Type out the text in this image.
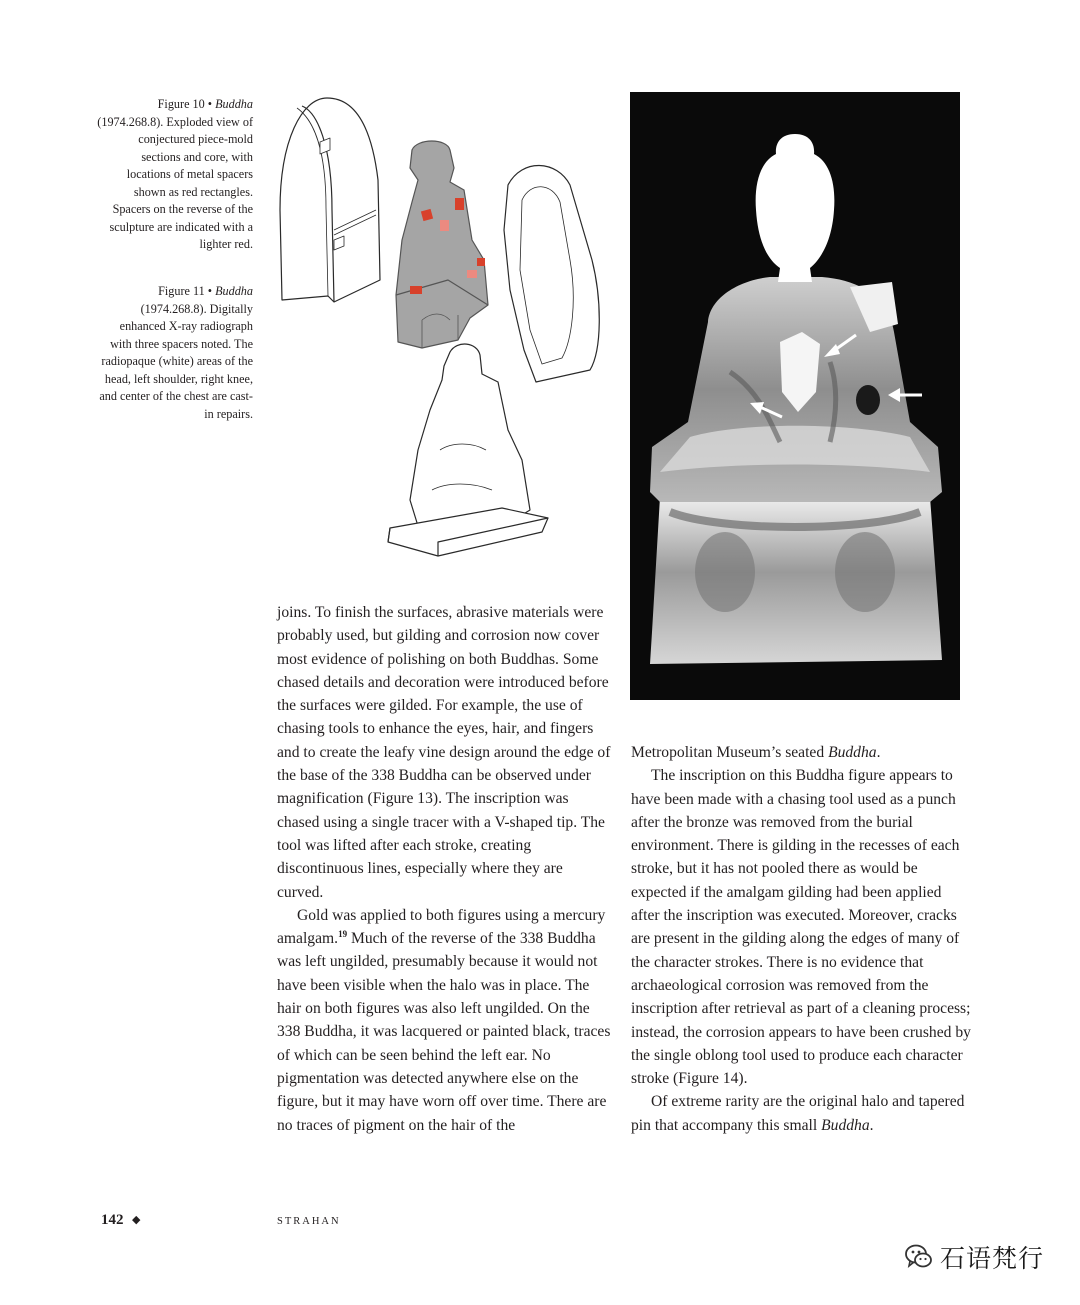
Figure 10 • Buddha (1974.268.8). Exploded view of conjectured piece-mold sections and core, with locations of metal spacers shown as red rectangles. Spacers on the reverse of the sculpture are indicated with a lighter red.
Figure 11 • Buddha (1974.268.8). Digitally enhanced X-ray radiograph with three spacers noted. The radiopaque (white) areas of the head, left shoulder, right knee, and center of the chest are cast-in repairs.

joins. To finish the surfaces, abrasive materials were probably used, but gilding and corrosion now cover most evidence of polishing on both Buddhas. Some chased details and decoration were introduced before the surfaces were gilded. For example, the use of chasing tools to enhance the eyes, hair, and fingers and to create the leafy vine design around the edge of the base of the 338 Buddha can be observed under magnification (Figure 13). The inscription was chased using a single tracer with a V-shaped tip. The tool was lifted after each stroke, creating discontinuous lines, especially where they are curved.

Gold was applied to both figures using a mercury amalgam.$^{19}$ Much of the reverse of the 338 Buddha was left ungilded, presumably because it would not have been visible when the halo was in place. The hair on both figures was also left ungilded. On the 338 Buddha, it was lacquered or painted black, traces of which can be seen behind the left ear. No pigmentation was detected anywhere else on the figure, but it may have worn off over time. There are no traces of pigment on the hair of the

Metropolitan Museum’s seated Buddha.

The inscription on this Buddha figure appears to have been made with a chasing tool used as a punch after the bronze was removed from the burial environment. There is gilding in the recesses of each stroke, but it has not pooled there as would be expected if the amalgam gilding had been applied after the inscription was executed. Moreover, cracks are present in the gilding along the edges of many of the character strokes. There is no evidence that archaeological corrosion was removed from the inscription after retrieval as part of a cleaning process; instead, the corrosion appears to have been crushed by the single oblong tool used to produce each character stroke (Figure 14).

Of extreme rarity are the original halo and tapered pin that accompany this small Buddha.

142 ◆	STRAHAN
石语梵行
